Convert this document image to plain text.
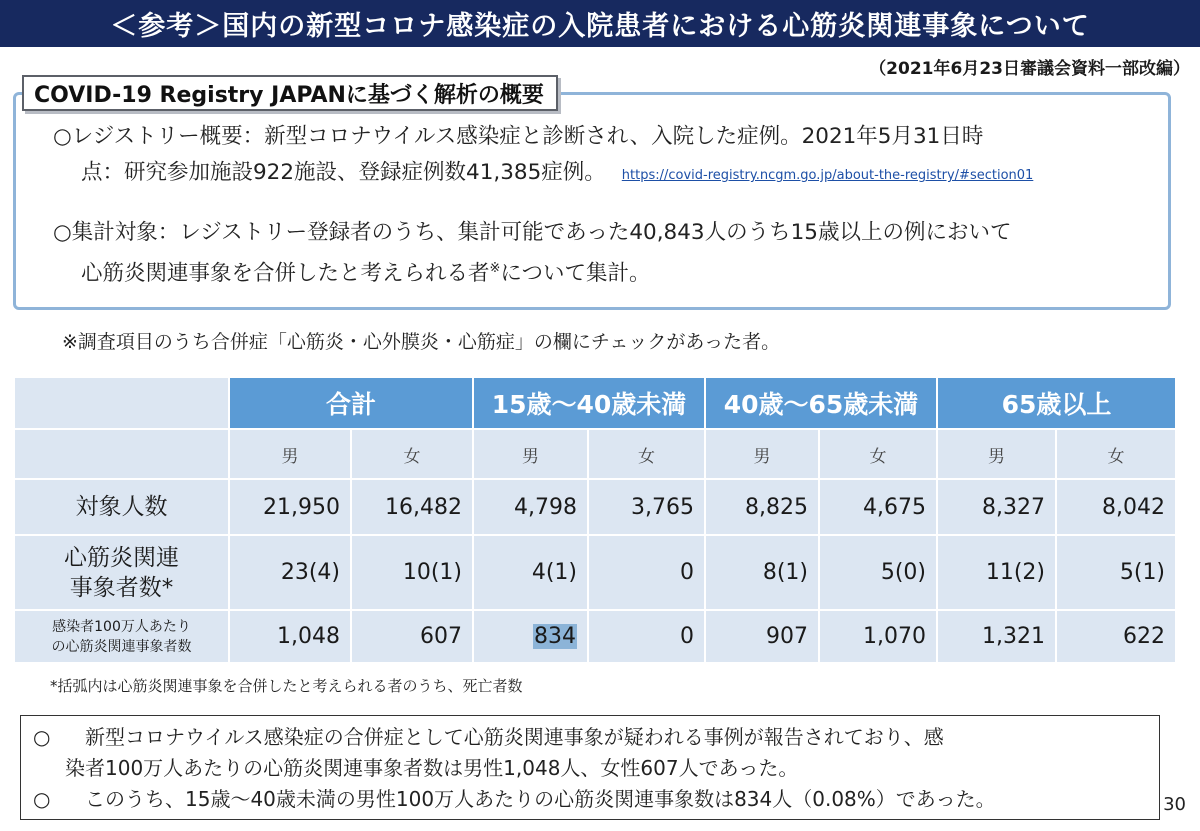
＜参考＞国内の新型コロナ感染症の入院患者における心筋炎関連事象について
（2021年6月23日審議会資料一部改編）
COVID-19 Registry JAPANに基づく解析の概要
○レジストリー概要：新型コロナウイルス感染症と診断され、入院した症例。2021年5月31日時
点：研究参加施設922施設、登録症例数41,385症例。 https://covid-registry.ncgm.go.jp/about-the-registry/#section01
○集計対象：レジストリー登録者のうち、集計可能であった40,843人のうち15歳以上の例において
心筋炎関連事象を合併したと考えられる者※について集計。
※調査項目のうち合併症「心筋炎・心外膜炎・心筋症」の欄にチェックがあった者。
	合計		15歳～40歳未満		40歳～65歳未満		65歳以上	
	男	女	男	女	男	女	男	女
対象人数	21,950	16,482	4,798	3,765	8,825	4,675	8,327	8,042

心筋炎関連
事象者数*	23(4)	10(1)	4(1)	0	8(1)	5(0)	11(2)	5(1)

感染者100万人あたり
の心筋炎関連事象者数	1,048	607	834	0	907	1,070	1,321	622
*括弧内は心筋炎関連事象を合併したと考えられる者のうち、死亡者数
○ 新型コロナウイルス感染症の合併症として心筋炎関連事象が疑われる事例が報告されており、感
染者100万人あたりの心筋炎関連事象者数は男性1,048人、女性607人であった。
○ このうち、15歳～40歳未満の男性100万人あたりの心筋炎関連事象数は834人（0.08%）であった。	30
